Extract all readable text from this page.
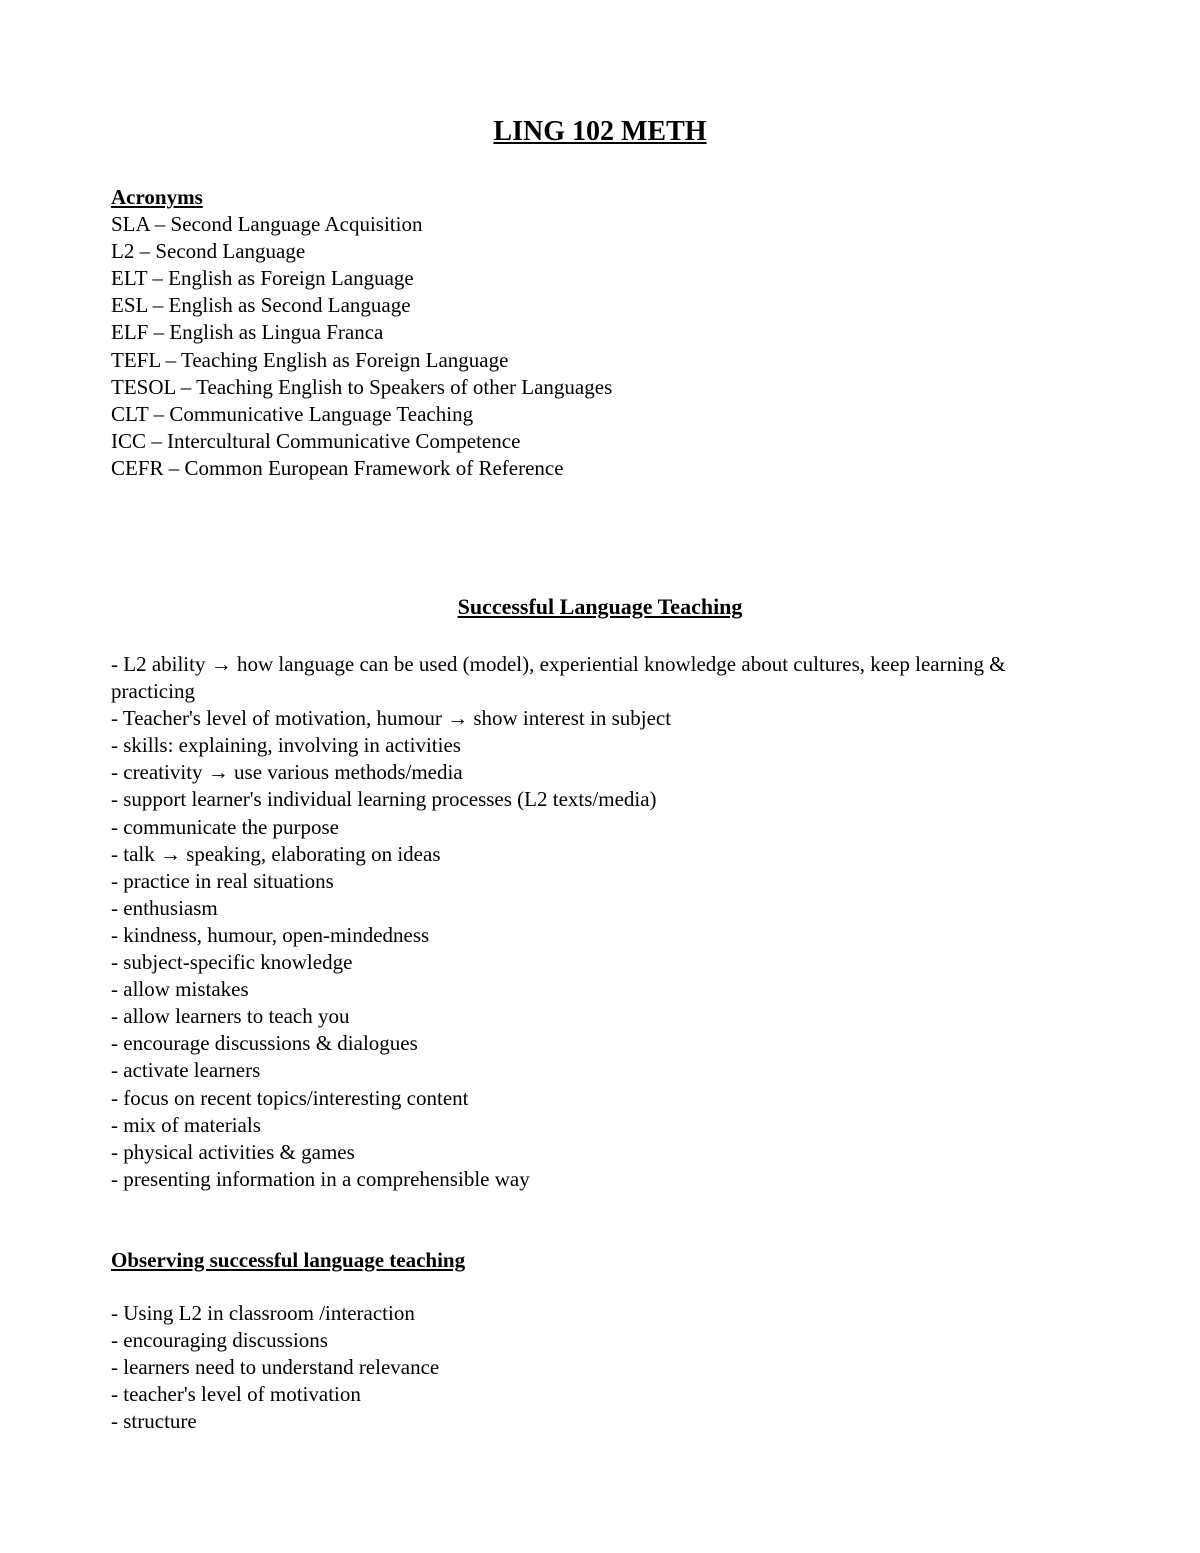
LING 102 METH
Acronyms
SLA – Second Language Acquisition
L2 – Second Language
ELT – English as Foreign Language
ESL – English as Second Language
ELF – English as Lingua Franca
TEFL – Teaching English as Foreign Language
TESOL – Teaching English to Speakers of other Languages
CLT – Communicative Language Teaching
ICC – Intercultural Communicative Competence
CEFR – Common European Framework of Reference
Successful Language Teaching
- L2 ability → how language can be used (model), experiential knowledge about cultures, keep learning & practicing
- Teacher's level of motivation, humour → show interest in subject
- skills: explaining, involving in activities
- creativity → use various methods/media
- support learner's individual learning processes (L2 texts/media)
- communicate the purpose
- talk → speaking, elaborating on ideas
- practice in real situations
- enthusiasm
- kindness, humour, open-mindedness
- subject-specific knowledge
- allow mistakes
- allow learners to teach you
- encourage discussions & dialogues
- activate learners
- focus on recent topics/interesting content
- mix of materials
- physical activities & games
- presenting information in a comprehensible way
Observing successful language teaching
- Using L2 in classroom /interaction
- encouraging discussions
- learners need to understand relevance
- teacher's level of motivation
- structure
